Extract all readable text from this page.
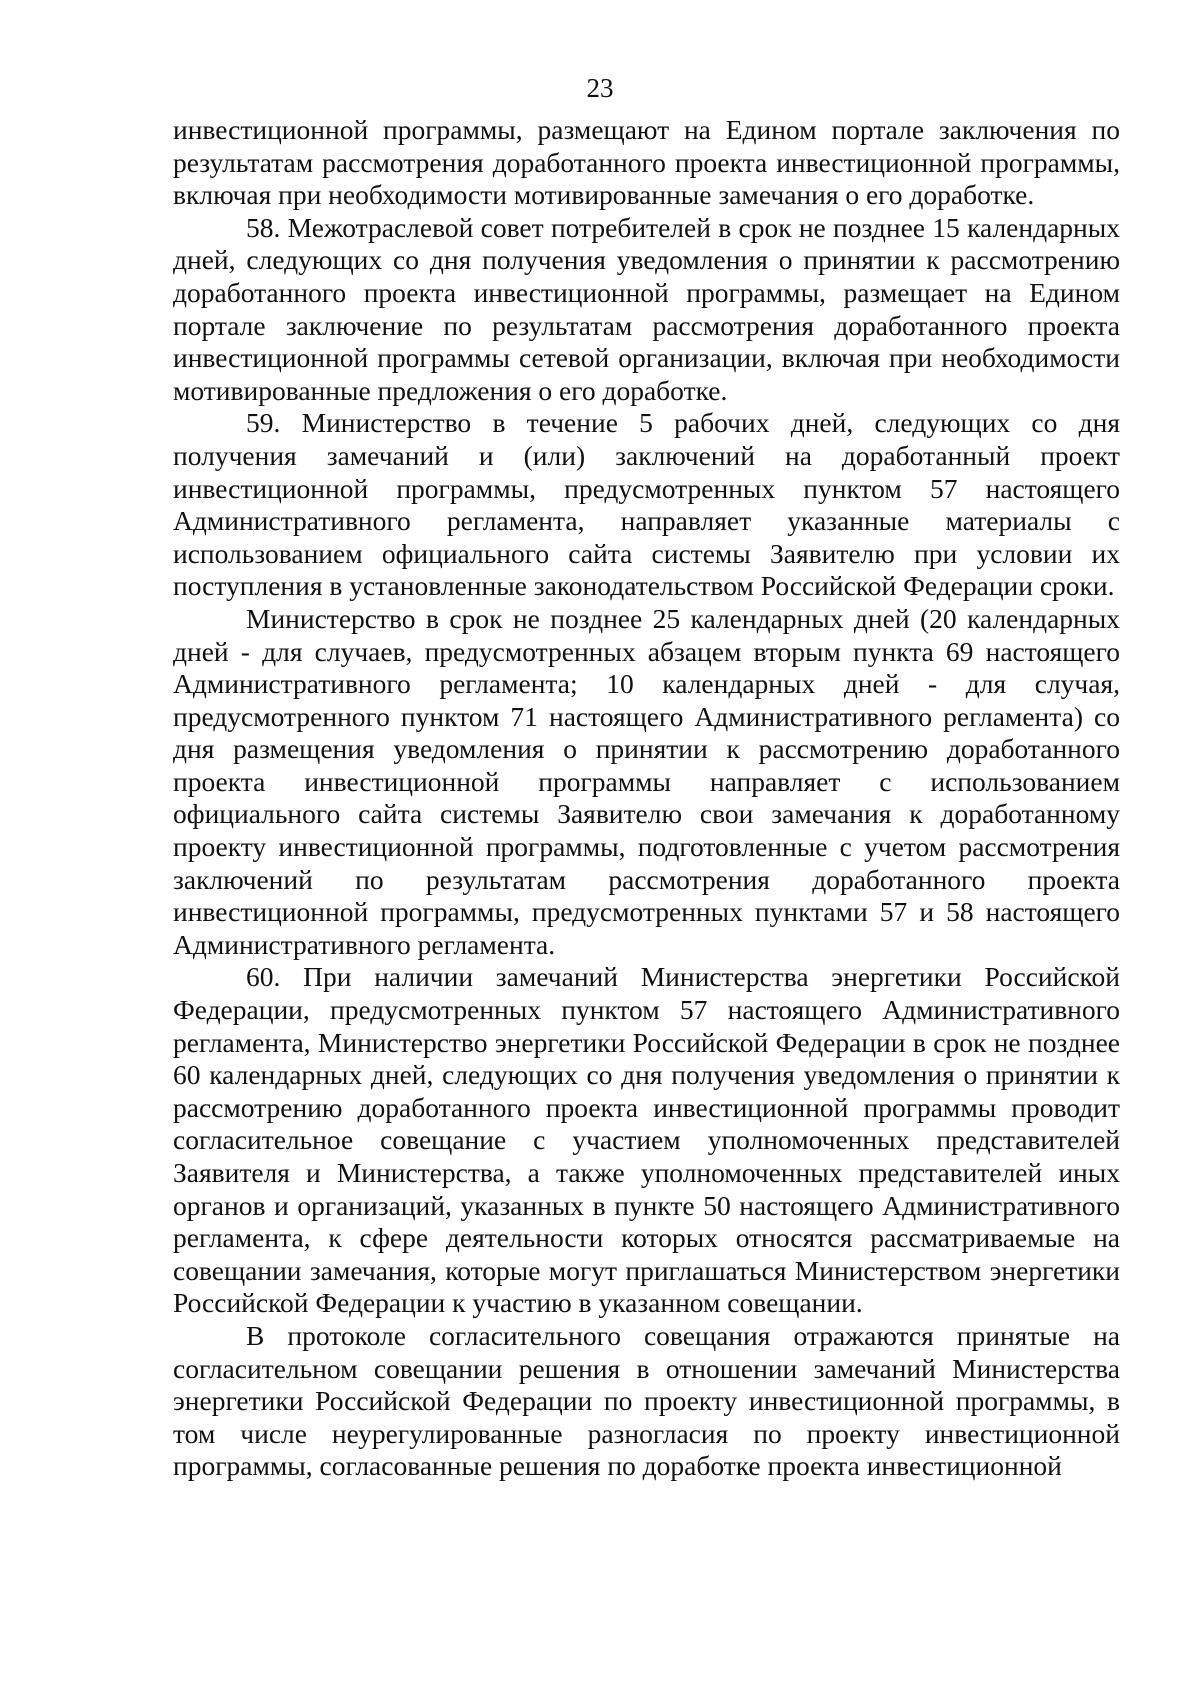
23

инвестиционной программы, размещают на Едином портале заключения по результатам рассмотрения доработанного проекта инвестиционной программы, включая при необходимости мотивированные замечания о его доработке.

58. Межотраслевой совет потребителей в срок не позднее 15 календарных дней, следующих со дня получения уведомления о принятии к рассмотрению доработанного проекта инвестиционной программы, размещает на Едином портале заключение по результатам рассмотрения доработанного проекта инвестиционной программы сетевой организации, включая при необходимости мотивированные предложения о его доработке.

59. Министерство в течение 5 рабочих дней, следующих со дня получения замечаний и (или) заключений на доработанный проект инвестиционной программы, предусмотренных пунктом 57 настоящего Административного регламента, направляет указанные материалы с использованием официального сайта системы Заявителю при условии их поступления в установленные законодательством Российской Федерации сроки.

Министерство в срок не позднее 25 календарных дней (20 календарных дней - для случаев, предусмотренных абзацем вторым пункта 69 настоящего Административного регламента; 10 календарных дней - для случая, предусмотренного пунктом 71 настоящего Административного регламента) со дня размещения уведомления о принятии к рассмотрению доработанного проекта инвестиционной программы направляет с использованием официального сайта системы Заявителю свои замечания к доработанному проекту инвестиционной программы, подготовленные с учетом рассмотрения заключений по результатам рассмотрения доработанного проекта инвестиционной программы, предусмотренных пунктами 57 и 58 настоящего Административного регламента.

60. При наличии замечаний Министерства энергетики Российской Федерации, предусмотренных пунктом 57 настоящего Административного регламента, Министерство энергетики Российской Федерации в срок не позднее 60 календарных дней, следующих со дня получения уведомления о принятии к рассмотрению доработанного проекта инвестиционной программы проводит согласительное совещание с участием уполномоченных представителей Заявителя и Министерства, а также уполномоченных представителей иных органов и организаций, указанных в пункте 50 настоящего Административного регламента, к сфере деятельности которых относятся рассматриваемые на совещании замечания, которые могут приглашаться Министерством энергетики Российской Федерации к участию в указанном совещании.

В протоколе согласительного совещания отражаются принятые на согласительном совещании решения в отношении замечаний Министерства энергетики Российской Федерации по проекту инвестиционной программы, в том числе неурегулированные разногласия по проекту инвестиционной программы, согласованные решения по доработке проекта инвестиционной
